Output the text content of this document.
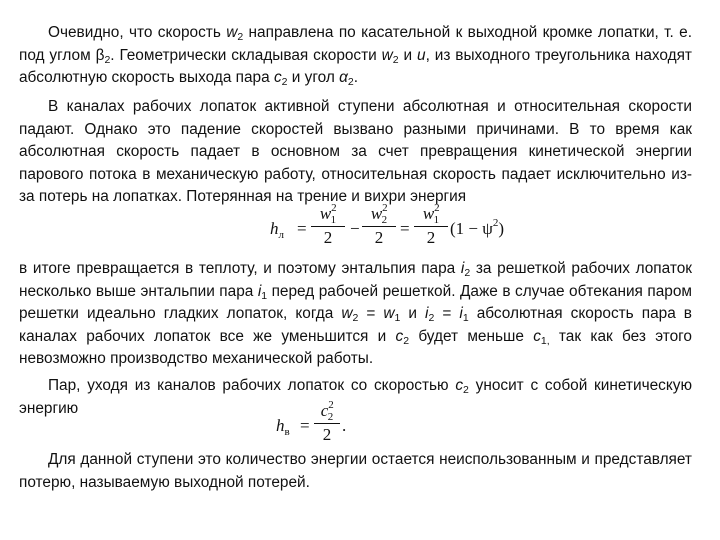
Очевидно, что скорость $w_2$ направлена по касательной к выходной кромке лопатки, т. е. под углом $\beta_2$. Геометрически складывая скорости $w_2$ и u, из выходного треугольника находят абсолютную скорость выхода пара $c_2$ и угол $\alpha_2$.

В каналах рабочих лопаток активной ступени абсолютная и относительная скорости падают. Однако это падение скоростей вызвано разными причинами. В то время как абсолютная скорость падает в основном за счет превращения кинетической энергии парового потока в механическую работу, относительная скорость падает исключительно из-за потерь на лопатках. Потерянная на трение и вихри энергия

$h_л = \frac{w^2_1}{2} - \frac{w^2_2}{2} = \frac{w^2_1}{2} (1 - \psi^2)$

в итоге превращается в теплоту, и поэтому энтальпия пара $i_2$ за решеткой рабочих лопаток несколько выше энтальпии пара $i_1$ перед рабочей решеткой. Даже в случае обтекания паром решетки идеально гладких лопаток, когда $w_2 = w_1$ и $i_2 = i_1$ абсолютная скорость пара в каналах рабочих лопаток все же уменьшится и $c_2$ будет меньше $c_{1,}$ так как без этого невозможно производство механической работы.

Пар, уходя из каналов рабочих лопаток со скоростью $c_2$ уносит с собой кинетическую энергию

$h_в = \frac{c^2_2}{2}$ .

Для данной ступени это количество энергии остается неиспользованным и представляет потерю, называемую выходной потерей.
